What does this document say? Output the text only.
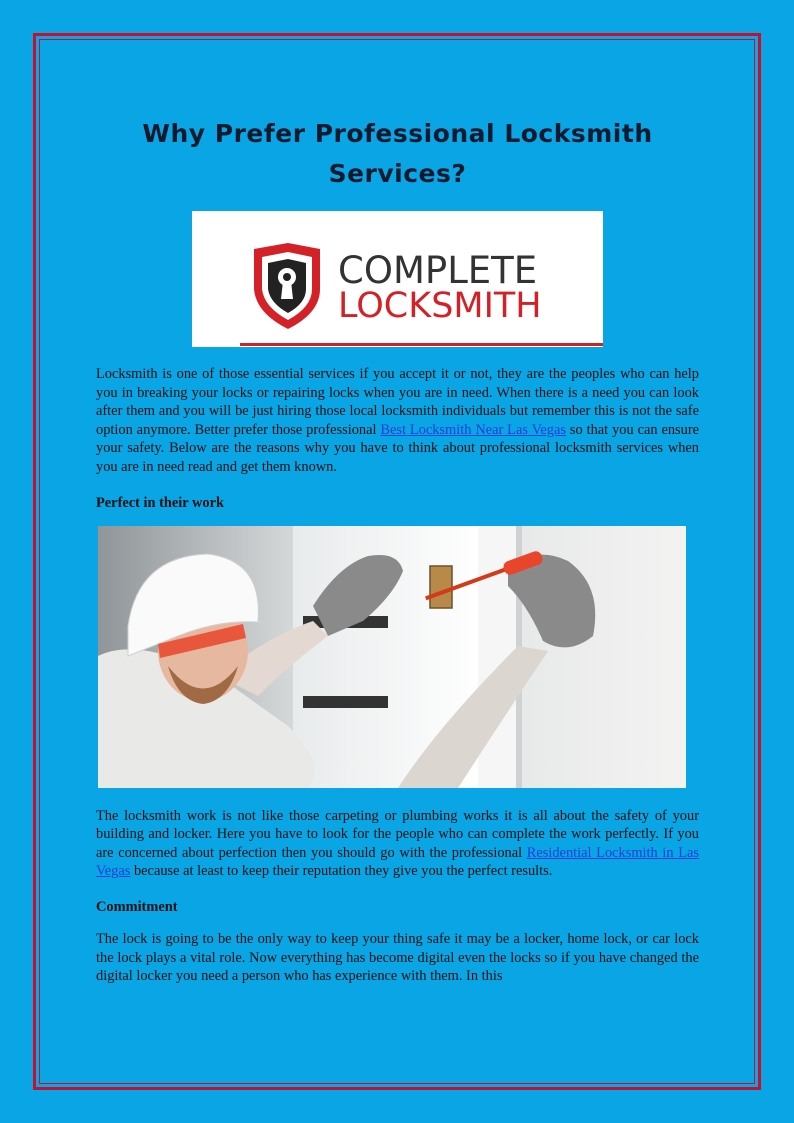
Why Prefer Professional Locksmith Services?
COMPLETE
LOCKSMITH

Locksmith is one of those essential services if you accept it or not, they are the peoples who can help you in breaking your locks or repairing locks when you are in need. When there is a need you can look after them and you will be just hiring those local locksmith individuals but remember this is not the safe option anymore. Better prefer those professional Best Locksmith Near Las Vegas so that you can ensure your safety. Below are the reasons why you have to think about professional locksmith services when you are in need read and get them known.

Perfect in their work

The locksmith work is not like those carpeting or plumbing works it is all about the safety of your building and locker. Here you have to look for the people who can complete the work perfectly. If you are concerned about perfection then you should go with the professional Residential Locksmith in Las Vegas because at least to keep their reputation they give you the perfect results.

Commitment

The lock is going to be the only way to keep your thing safe it may be a locker, home lock, or car lock the lock plays a vital role. Now everything has become digital even the locks so if you have changed the digital locker you need a person who has experience with them. In this
